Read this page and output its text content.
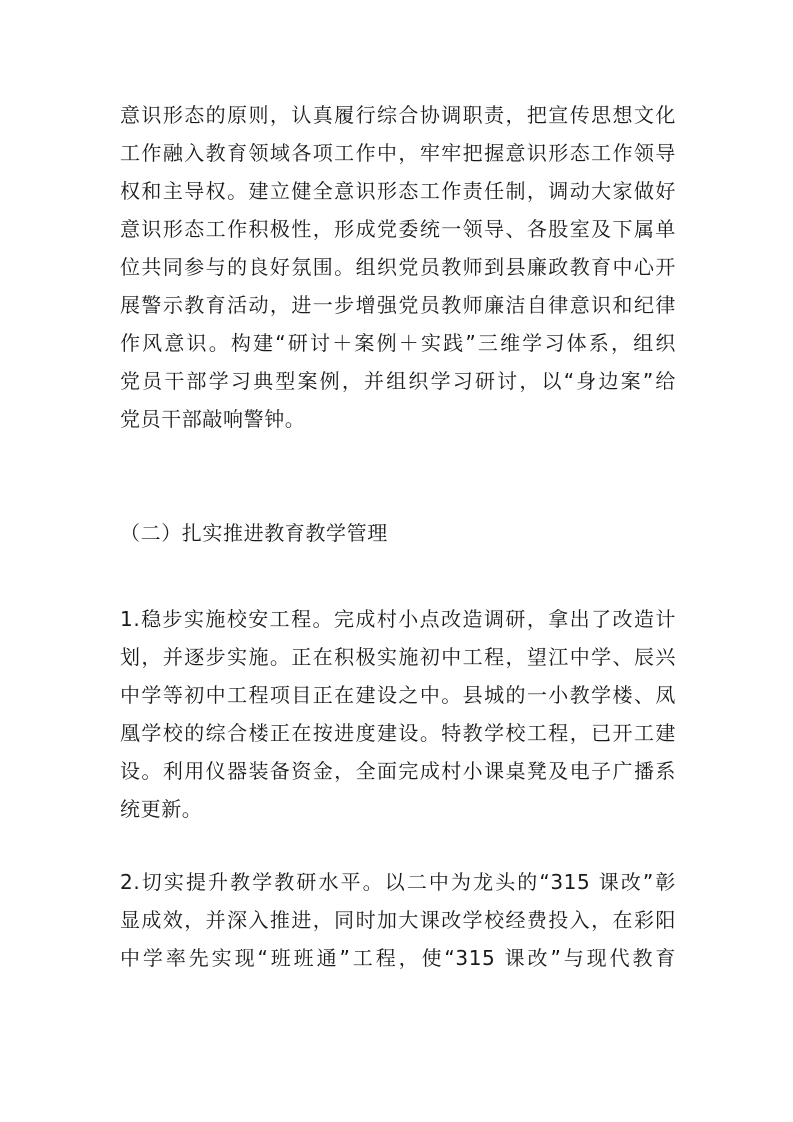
意识形态的原则，认真履行综合协调职责，把宣传思想文化
工作融入教育领域各项工作中，牢牢把握意识形态工作领导
权和主导权。建立健全意识形态工作责任制，调动大家做好
意识形态工作积极性，形成党委统一领导、各股室及下属单
位共同参与的良好氛围。组织党员教师到县廉政教育中心开
展警示教育活动，进一步增强党员教师廉洁自律意识和纪律
作风意识。构建“研讨＋案例＋实践”三维学习体系，组织
党员干部学习典型案例，并组织学习研讨，以“身边案”给
党员干部敲响警钟。
（二）扎实推进教育教学管理
1.稳步实施校安工程。完成村小点改造调研，拿出了改造计
划，并逐步实施。正在积极实施初中工程，望江中学、辰兴
中学等初中工程项目正在建设之中。县城的一小教学楼、凤
凰学校的综合楼正在按进度建设。特教学校工程，已开工建
设。利用仪器装备资金，全面完成村小课桌凳及电子广播系
统更新。
2.切实提升教学教研水平。以二中为龙头的“315 课改”彰
显成效，并深入推进，同时加大课改学校经费投入，在彩阳
中学率先实现“班班通”工程，使“315 课改”与现代教育
